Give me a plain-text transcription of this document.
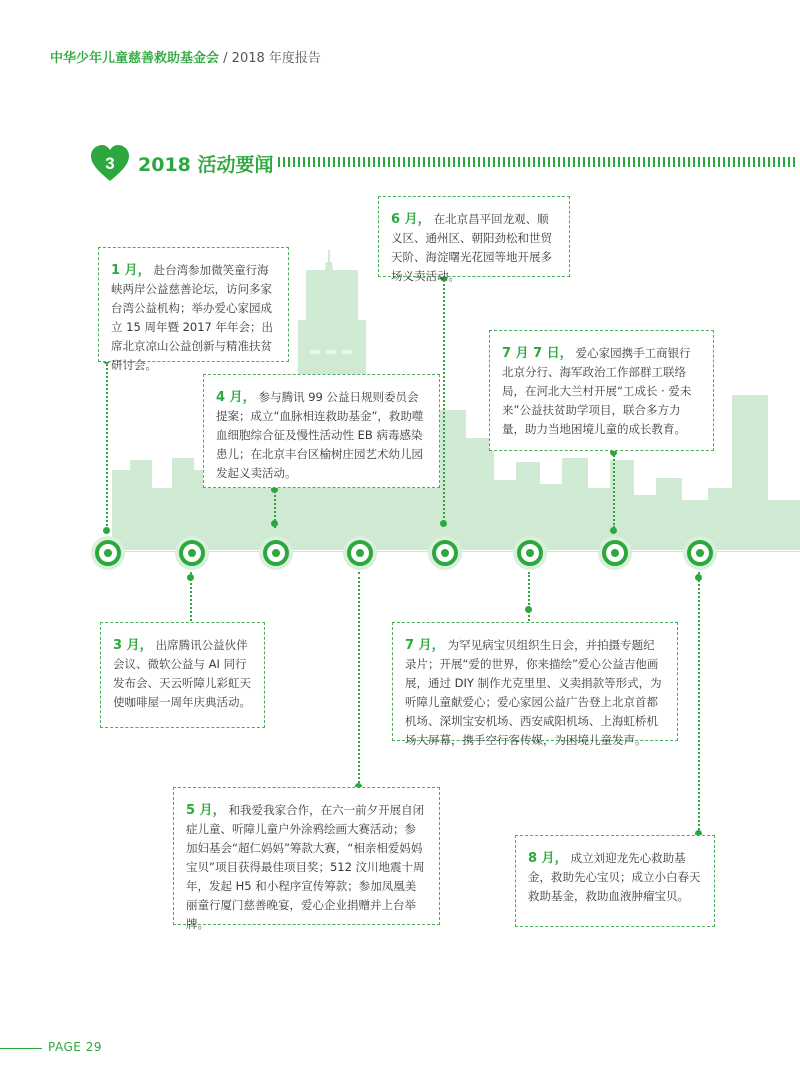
中华少年儿童慈善救助基金会 / 2018 年度报告
3 2018 活动要闻
1 月， 赴台湾参加微笑童行海峡两岸公益慈善论坛，访问多家台湾公益机构；举办爱心家园成立 15 周年暨 2017 年年会；出席北京凉山公益创新与精准扶贫研讨会。
3 月， 出席腾讯公益伙伴会议、微软公益与 AI 同行发布会、天云听障儿彩虹天使咖啡屋一周年庆典活动。
4 月， 参与腾讯 99 公益日规则委员会提案；成立“血脉相连救助基金”，救助噬血细胞综合征及慢性活动性 EB 病毒感染患儿；在北京丰台区榆树庄园艺术幼儿园发起义卖活动。
5 月， 和我爱我家合作，在六一前夕开展自闭症儿童、听障儿童户外涂鸦绘画大赛活动；参加妇基会“超仁妈妈”筹款大赛，“相亲相爱妈妈宝贝”项目获得最佳项目奖；512 汶川地震十周年，发起 H5 和小程序宣传筹款；参加凤凰美丽童行厦门慈善晚宴，爱心企业捐赠并上台举牌。
6 月， 在北京昌平回龙观、顺义区、通州区、朝阳劲松和世贸天阶、海淀曙光花园等地开展多场义卖活动。
7 月， 为罕见病宝贝组织生日会，并拍摄专题纪录片；开展“爱的世界，你来描绘”爱心公益吉他画展，通过 DIY 制作尤克里里、义卖捐款等形式，为听障儿童献爱心；爱心家园公益广告登上北京首都机场、深圳宝安机场、西安咸阳机场、上海虹桥机场大屏幕，携手空行客传媒，为困境儿童发声。
7 月 7 日， 爱心家园携手工商银行北京分行、海军政治工作部群工联络局，在河北大兰村开展“工成长 · 爱未来”公益扶贫助学项目，联合多方力量，助力当地困境儿童的成长教育。
8 月， 成立刘迎龙先心救助基金，救助先心宝贝；成立小白春天救助基金，救助血液肿瘤宝贝。
PAGE 29
